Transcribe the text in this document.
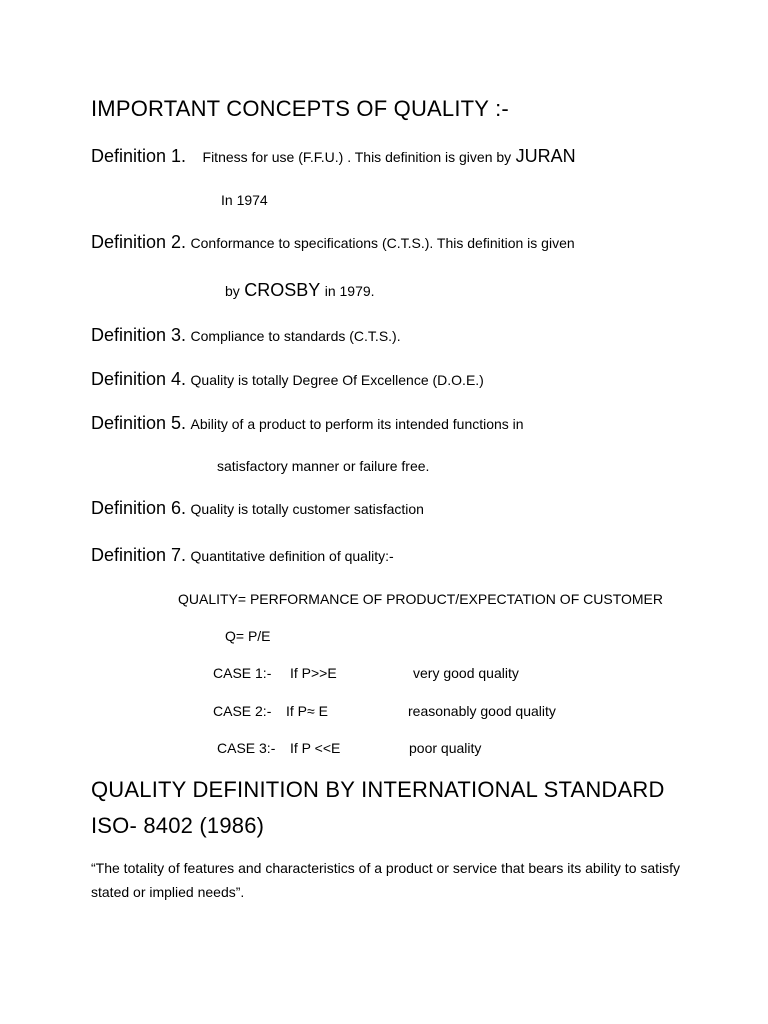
IMPORTANT CONCEPTS OF QUALITY :-
Definition 1. Fitness for use (F.F.U.) . This definition is given by JURAN
In 1974
Definition 2. Conformance to specifications (C.T.S.). This definition is given
by CROSBY in 1979.
Definition 3. Compliance to standards (C.T.S.).
Definition 4. Quality is totally Degree Of Excellence (D.O.E.)
Definition 5. Ability of a product to perform its intended functions in
satisfactory manner or failure free.
Definition 6. Quality is totally customer satisfaction
Definition 7. Quantitative definition of quality:-
QUALITY= PERFORMANCE OF PRODUCT/EXPECTATION OF CUSTOMER
Q= P/E
CASE 1:- If P>>E	very good quality
CASE 2:- If P≈ E	reasonably good quality
CASE 3:- If P <<E	poor quality
QUALITY DEFINITION BY INTERNATIONAL STANDARD
ISO- 8402 (1986)
“The totality of features and characteristics of a product or service that bears its ability to satisfy stated or implied needs”.
